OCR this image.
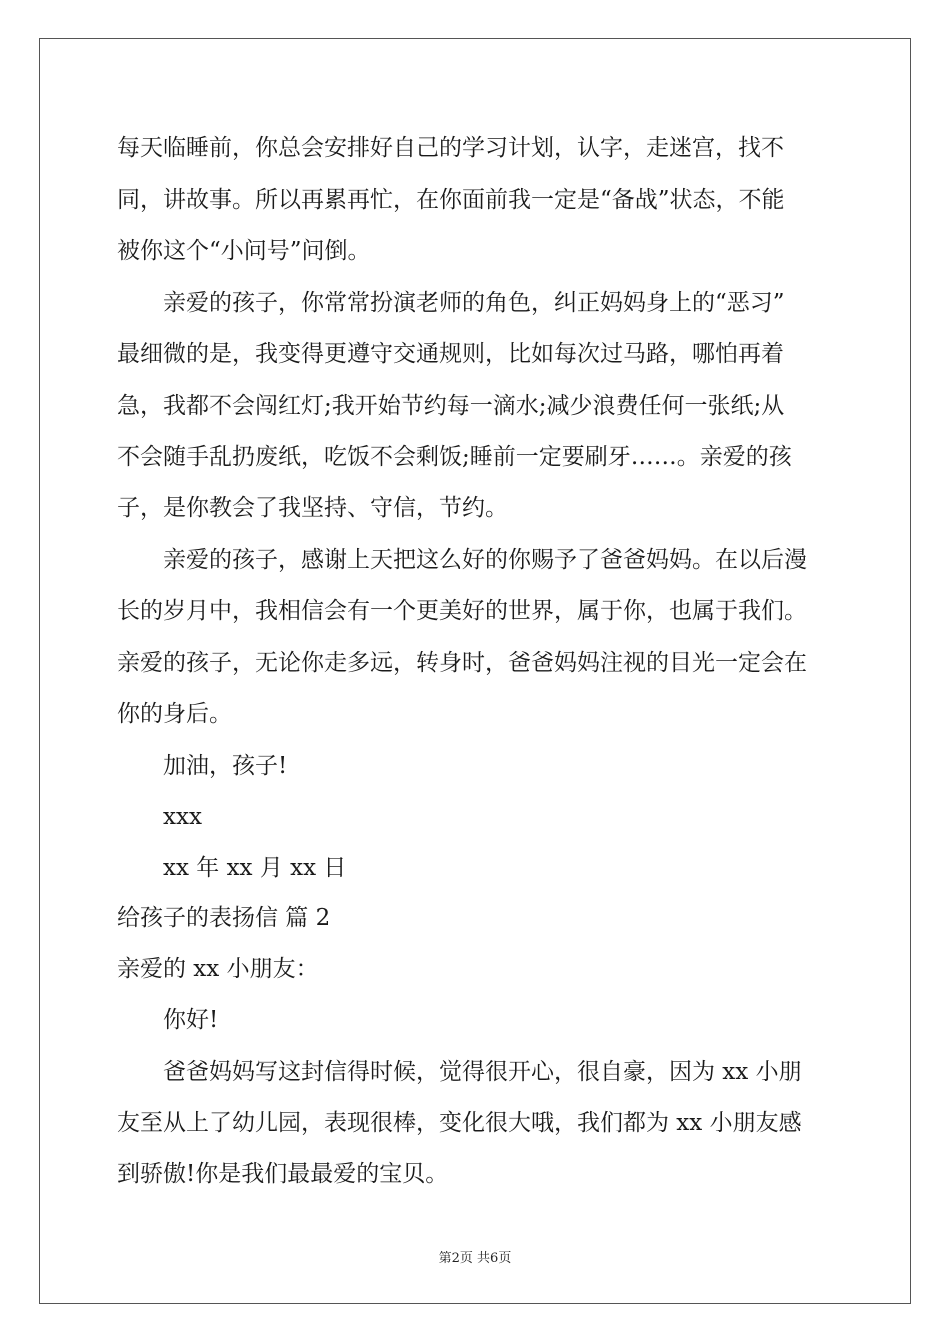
每天临睡前，你总会安排好自己的学习计划，认字，走迷宫，找不
同，讲故事。所以再累再忙，在你面前我一定是“备战”状态，不能
被你这个“小问号”问倒。
　　亲爱的孩子，你常常扮演老师的角色，纠正妈妈身上的“恶习”
最细微的是，我变得更遵守交通规则，比如每次过马路，哪怕再着
急，我都不会闯红灯;我开始节约每一滴水;减少浪费任何一张纸;从
不会随手乱扔废纸，吃饭不会剩饭;睡前一定要刷牙……。亲爱的孩
子，是你教会了我坚持、守信，节约。
　　亲爱的孩子，感谢上天把这么好的你赐予了爸爸妈妈。在以后漫
长的岁月中，我相信会有一个更美好的世界，属于你，也属于我们。
亲爱的孩子，无论你走多远，转身时，爸爸妈妈注视的目光一定会在
你的身后。
　　加油，孩子!
　　xxx
　　xx 年 xx 月 xx 日
给孩子的表扬信 篇 2
亲爱的 xx 小朋友：
　　你好!
　　爸爸妈妈写这封信得时候，觉得很开心，很自豪，因为 xx 小朋
友至从上了幼儿园，表现很棒，变化很大哦，我们都为 xx 小朋友感
到骄傲!你是我们最最爱的宝贝。
第2页 共6页
